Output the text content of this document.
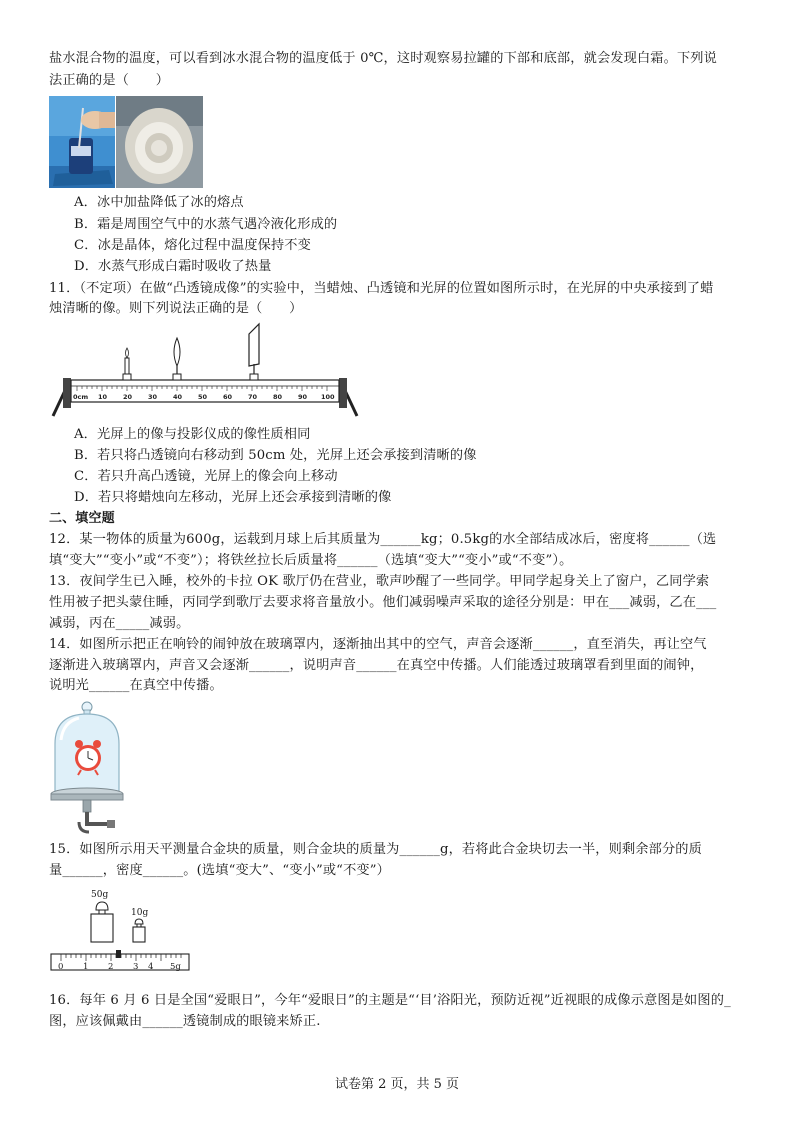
盐水混合物的温度，可以看到冰水混合物的温度低于 0℃，这时观察易拉罐的下部和底部，就会发现白霜。下列说
法正确的是（　　）
A．冰中加盐降低了冰的熔点
B．霜是周围空气中的水蒸气遇冷液化形成的
C．冰是晶体，熔化过程中温度保持不变
D．水蒸气形成白霜时吸收了热量
11．（不定项）在做“凸透镜成像”的实验中，当蜡烛、凸透镜和光屏的位置如图所示时，在光屏的中央承接到了蜡
烛清晰的像。则下列说法正确的是（　　）
0cm 10 20 30 40 50 60 70 80 90 100
A．光屏上的像与投影仪成的像性质相同
B．若只将凸透镜向右移动到 50cm 处，光屏上还会承接到清晰的像
C．若只升高凸透镜，光屏上的像会向上移动
D．若只将蜡烛向左移动，光屏上还会承接到清晰的像
二、填空题
12．某一物体的质量为600g，运载到月球上后其质量为______kg；0.5kg的水全部结成冰后，密度将______（选
填“变大”“变小”或“不变”）；将铁丝拉长后质量将______（选填“变大”“变小”或“不变”）。
13．夜间学生已入睡，校外的卡拉 OK 歌厅仍在营业，歌声吵醒了一些同学。甲同学起身关上了窗户，乙同学索
性用被子把头蒙住睡，丙同学到歌厅去要求将音量放小。他们减弱噪声采取的途径分别是：甲在___减弱，乙在___
减弱，丙在_____减弱。
14．如图所示把正在响铃的闹钟放在玻璃罩内，逐渐抽出其中的空气，声音会逐渐______，直至消失，再让空气
逐渐进入玻璃罩内，声音又会逐渐______，说明声音______在真空中传播。人们能透过玻璃罩看到里面的闹钟，
说明光______在真空中传播。
15．如图所示用天平测量合金块的质量，则合金块的质量为______g，若将此合金块切去一半，则剩余部分的质
量______，密度______。(选填“变大”、“变小”或“不变”）
50g
10g
0 1 2 3 4 5g
16．每年 6 月 6 日是全国“爱眼日”，今年“爱眼日”的主题是“‘目’浴阳光，预防近视”近视眼的成像示意图是如图的_
图，应该佩戴由______透镜制成的眼镜来矫正.
试卷第 2 页，共 5 页
